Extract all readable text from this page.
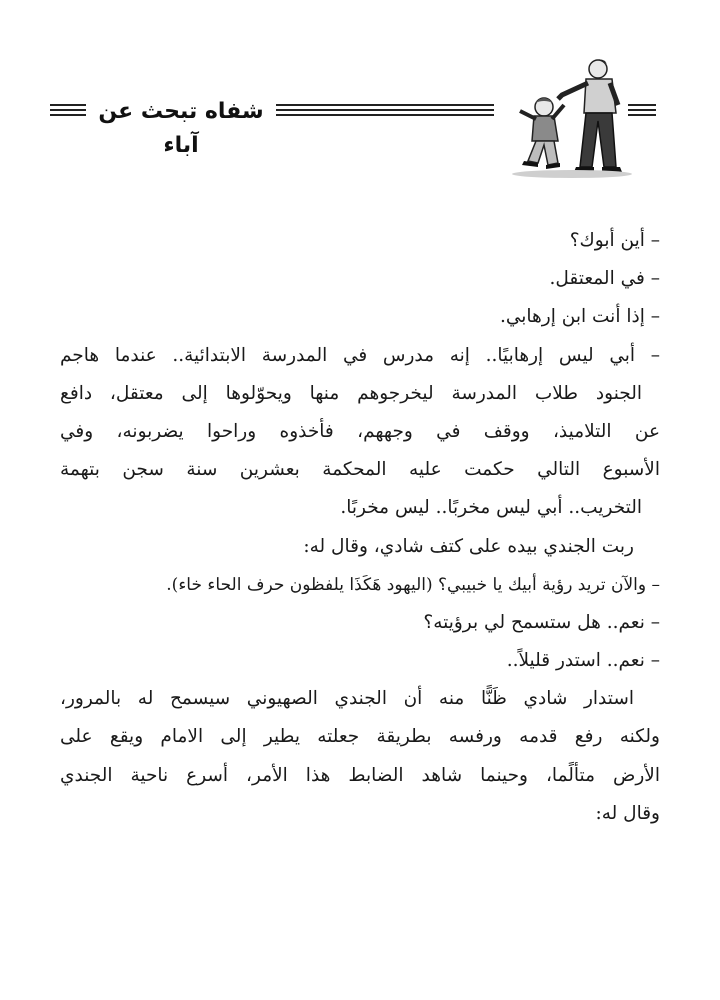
شفاه تبحث عن آباء
– أين أبوك؟
– في المعتقل.
– إذا أنت ابن إرهابي.
– أبي ليس إرهابيًا.. إنه مدرس في المدرسة الابتدائية.. عندما هاجم
الجنود طلاب المدرسة ليخرجوهم منها ويحوّلوها إلى معتقل، دافع
عن التلاميذ، ووقف في وجههم، فأخذوه وراحوا يضربونه، وفي
الأسبوع التالي حكمت عليه المحكمة بعشرين سنة سجن بتهمة
التخريب.. أبي ليس مخربًا.. ليس مخربًا.
ربت الجندي بيده على كتف شادي، وقال له:
– والآن تريد رؤية أبيك يا خبيبي؟ (اليهود هَكَذَا يلفظون حرف الحاء خاء).
– نعم.. هل ستسمح لي برؤيته؟
– نعم.. استدر قليلاً..
استدار شادي ظَنًّا منه أن الجندي الصهيوني سيسمح له بالمرور،
ولكنه رفع قدمه ورفسه بطريقة جعلته يطير إلى الامام ويقع على
الأرض متألًما، وحينما شاهد الضابط هذا الأمر، أسرع ناحية الجندي
وقال له:
